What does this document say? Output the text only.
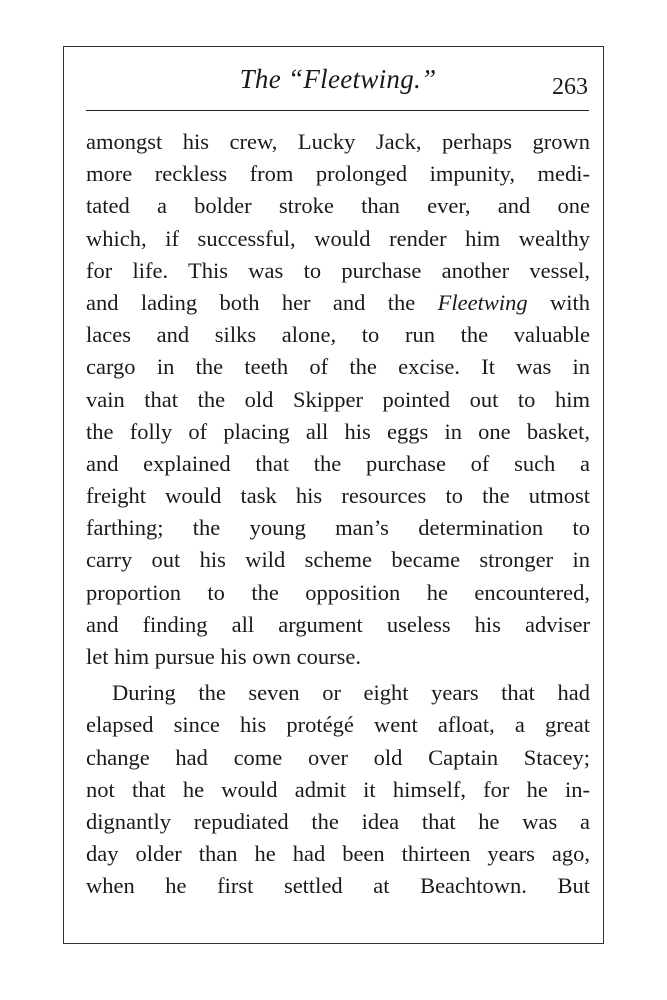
The “Fleetwing.”	263
amongst his crew, Lucky Jack, perhaps grown
more reckless from prolonged impunity, medi-
tated a bolder stroke than ever, and one
which, if successful, would render him wealthy
for life. This was to purchase another vessel,
and lading both her and the Fleetwing with
laces and silks alone, to run the valuable
cargo in the teeth of the excise. It was in
vain that the old Skipper pointed out to him
the folly of placing all his eggs in one basket,
and explained that the purchase of such a
freight would task his resources to the utmost
farthing; the young man’s determination to
carry out his wild scheme became stronger in
proportion to the opposition he encountered,
and finding all argument useless his adviser
let him pursue his own course.
During the seven or eight years that had
elapsed since his protégé went afloat, a great
change had come over old Captain Stacey;
not that he would admit it himself, for he in-
dignantly repudiated the idea that he was a
day older than he had been thirteen years ago,
when he first settled at Beachtown. But
